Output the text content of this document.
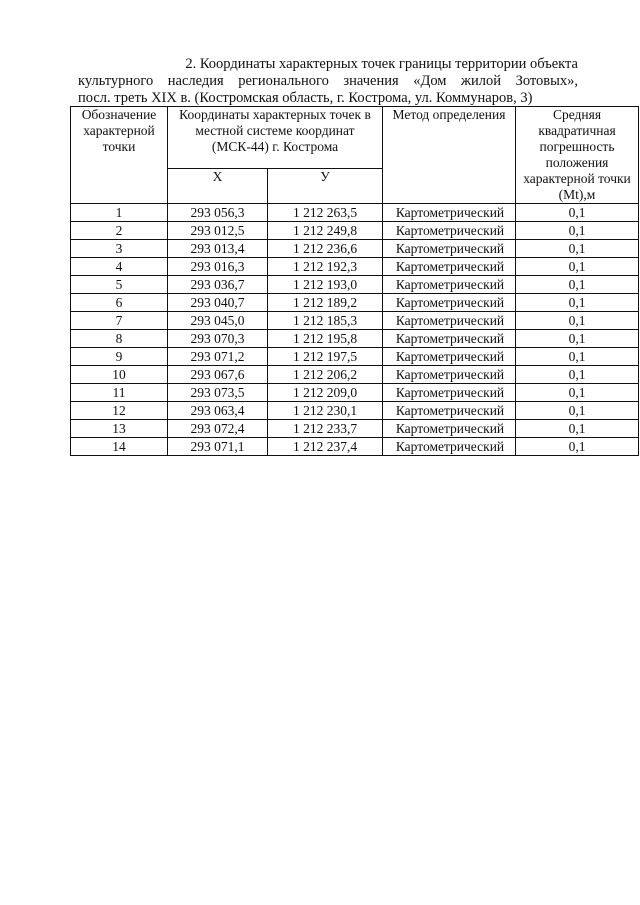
2. Координаты характерных точек границы территории объекта
культурного наследия регионального значения «Дом жилой Зотовых»,
посл. треть XIX в. (Костромская область, г. Кострома, ул. Коммунаров, 3)
Обозначение характерной точки	Координаты характерных точек в местной системе координат (МСК-44) г. Кострома		Метод определения	Средняя квадратичная погрешность положения характерной точки (Mt),м
	X	У		
1	293 056,3	1 212 263,5	Картометрический	0,1
2	293 012,5	1 212 249,8	Картометрический	0,1
3	293 013,4	1 212 236,6	Картометрический	0,1
4	293 016,3	1 212 192,3	Картометрический	0,1
5	293 036,7	1 212 193,0	Картометрический	0,1
6	293 040,7	1 212 189,2	Картометрический	0,1
7	293 045,0	1 212 185,3	Картометрический	0,1
8	293 070,3	1 212 195,8	Картометрический	0,1
9	293 071,2	1 212 197,5	Картометрический	0,1
10	293 067,6	1 212 206,2	Картометрический	0,1
11	293 073,5	1 212 209,0	Картометрический	0,1
12	293 063,4	1 212 230,1	Картометрический	0,1
13	293 072,4	1 212 233,7	Картометрический	0,1
14	293 071,1	1 212 237,4	Картометрический	0,1
